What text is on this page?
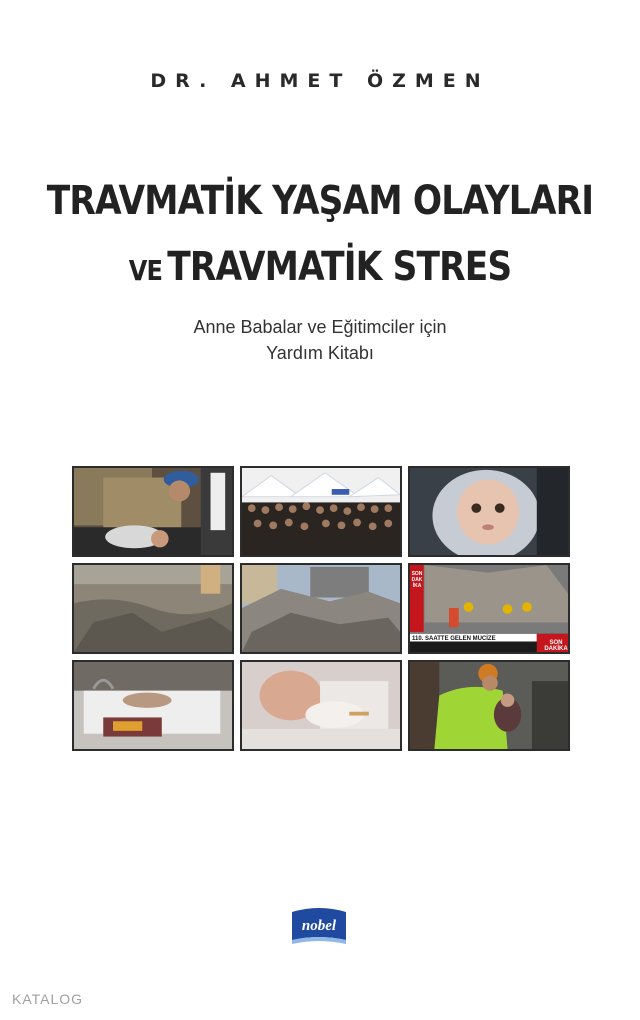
DR. AHMET ÖZMEN
TRAVMATİK YAŞAM OLAYLARI
VE TRAVMATİK STRES
Anne Babalar ve Eğitimciler için
Yardım Kitabı
SON DAKİKA
110. SAATTE GELEN MUCİZE
SON DAKİKA
Ki503962
nobel
KATALOG
